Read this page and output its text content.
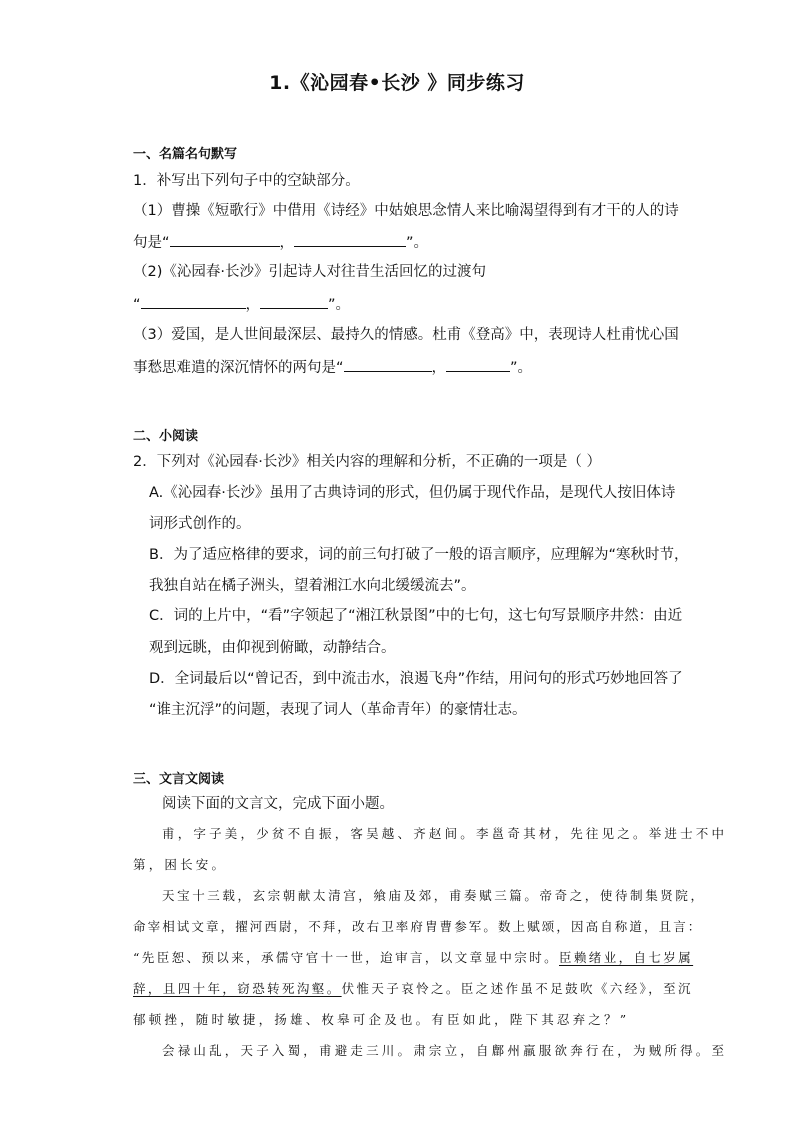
1.《沁园春•长沙 》同步练习
一、名篇名句默写
1．补写出下列句子中的空缺部分。
（1）曹操《短歌行》中借用《诗经》中姑娘思念情人来比喻渴望得到有才干的人的诗
句是“	，	”。
（2)《沁园春·长沙》引起诗人对往昔生活回忆的过渡句
“	，	”。
（3）爱国，是人世间最深层、最持久的情感。杜甫《登高》中，表现诗人杜甫忧心国
事愁思难遣的深沉情怀的两句是“	，	”。
二、小阅读
2．下列对《沁园春·长沙》相关内容的理解和分析，不正确的一项是（ ）
A.《沁园春·长沙》虽用了古典诗词的形式，但仍属于现代作品，是现代人按旧体诗
词形式创作的。
B．为了适应格律的要求，词的前三句打破了一般的语言顺序，应理解为“寒秋时节，
我独自站在橘子洲头，望着湘江水向北缓缓流去”。
C．词的上片中，“看”字领起了“湘江秋景图”中的七句，这七句写景顺序井然：由近
观到远眺，由仰视到俯瞰，动静结合。
D．全词最后以“曾记否，到中流击水，浪遏飞舟”作结，用问句的形式巧妙地回答了
“谁主沉浮”的问题，表现了词人（革命青年）的豪情壮志。
三、文言文阅读
阅读下面的文言文，完成下面小题。
甫，字子美，少贫不自振，客吴越、齐赵间。李邕奇其材，先往见之。举进士不中
第，困长安。
天宝十三载，玄宗朝献太清宫，飨庙及郊，甫奏赋三篇。帝奇之，使待制集贤院，
命宰相试文章，擢河西尉，不拜，改右卫率府胄曹参军。数上赋颂，因高自称道，且言：
“先臣恕、预以来，承儒守官十一世，迨审言，以文章显中宗时。臣赖绪业，自七岁属
辞，且四十年，窃恐转死沟壑。伏惟天子哀怜之。臣之述作虽不足鼓吹《六经》，至沉
郁顿挫，随时敏捷，扬雄、枚皋可企及也。有臣如此，陛下其忍弃之？”
会禄山乱，天子入蜀，甫避走三川。肃宗立，自鄜州羸服欲奔行在，为贼所得。至
